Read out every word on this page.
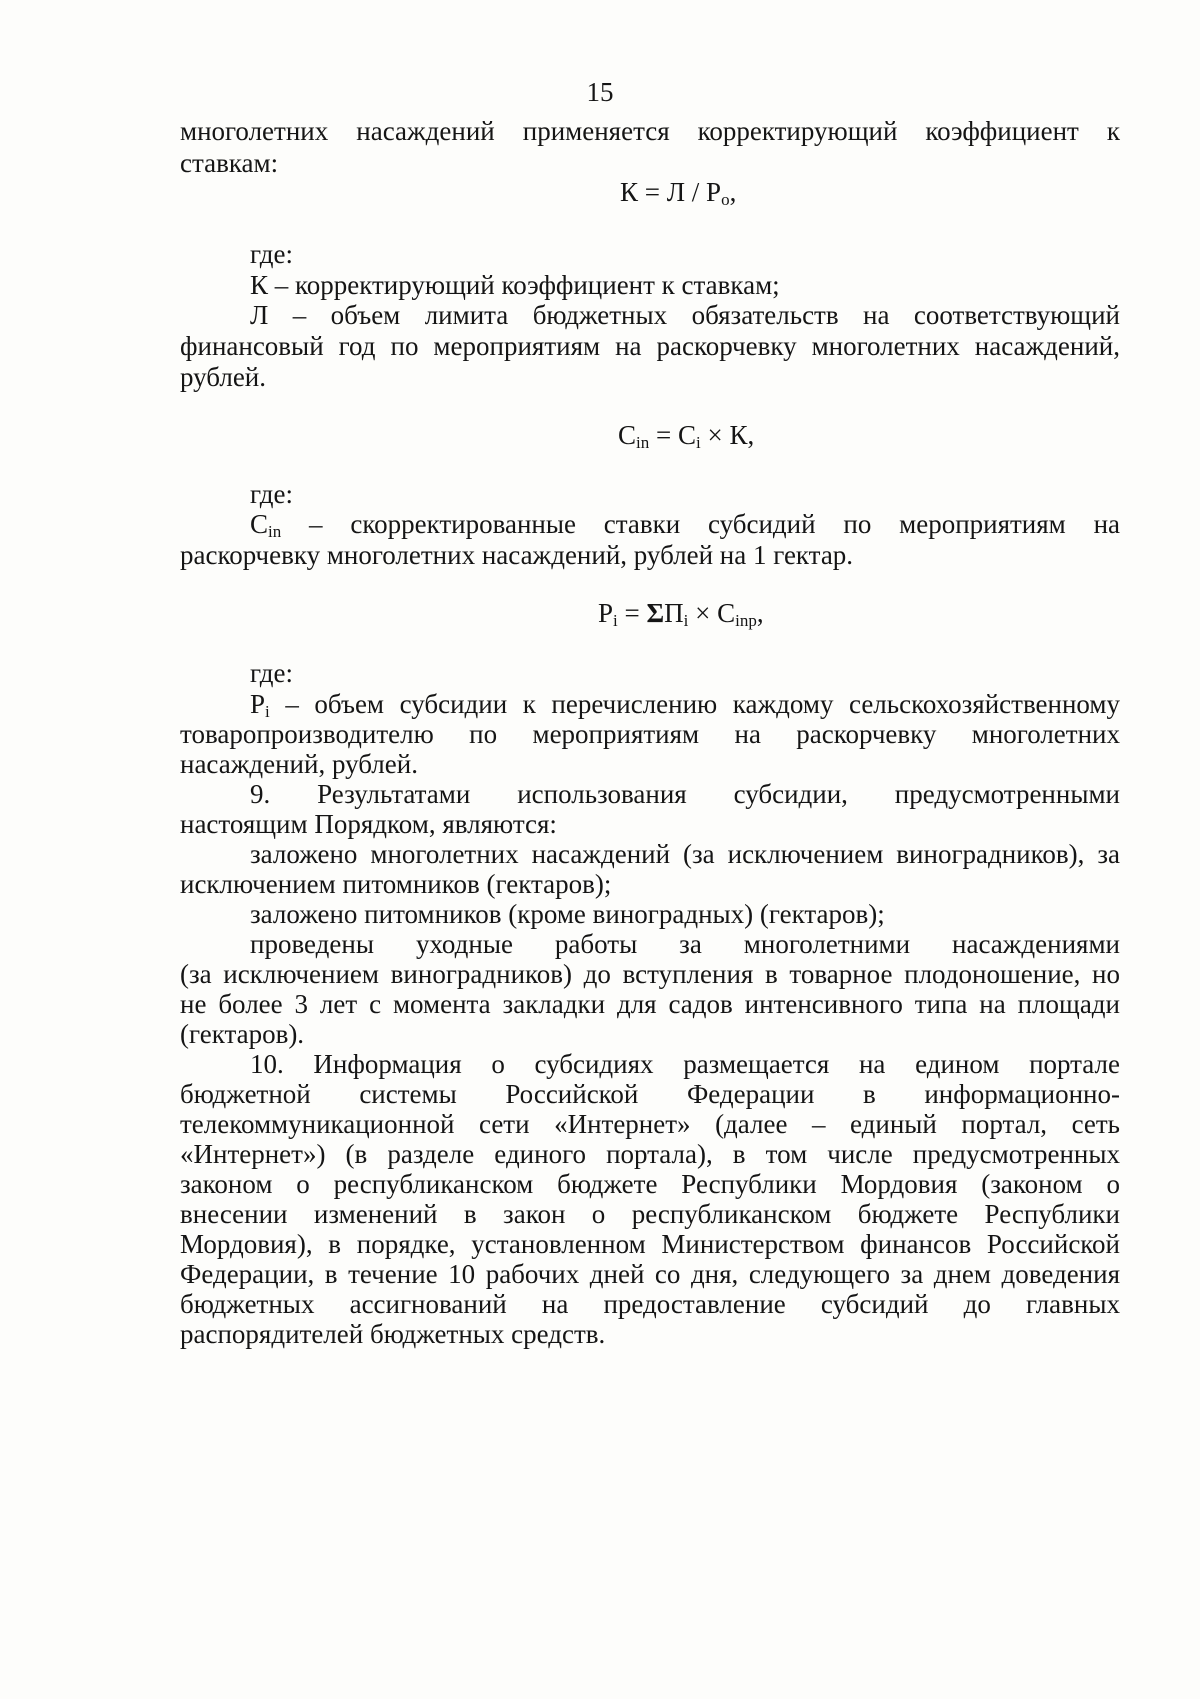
15
многолетних насаждений применяется корректирующий коэффициент к
ставкам:
$К = Л / Р_о$,
где:
К – корректирующий коэффициент к ставкам;
Л – объем лимита бюджетных обязательств на соответствующий
финансовый год по мероприятиям на раскорчевку многолетних насаждений,
рублей.
$С_{in} = С_i \times К$,
где:
$С_{in}$ – скорректированные ставки субсидий по мероприятиям на
раскорчевку многолетних насаждений, рублей на 1 гектар.
$Р_i = \Sigma П_i \times С_{inр}$,
где:
$Р_i$ – объем субсидии к перечислению каждому сельскохозяйственному
товаропроизводителю по мероприятиям на раскорчевку многолетних
насаждений, рублей.
9. Результатами использования субсидии, предусмотренными
настоящим Порядком, являются:
заложено многолетних насаждений (за исключением виноградников), за
исключением питомников (гектаров);
заложено питомников (кроме виноградных) (гектаров);
проведены уходные работы за многолетними насаждениями
(за исключением виноградников) до вступления в товарное плодоношение, но
не более 3 лет с момента закладки для садов интенсивного типа на площади
(гектаров).
10. Информация о субсидиях размещается на едином портале
бюджетной системы Российской Федерации в информационно-
телекоммуникационной сети «Интернет» (далее – единый портал, сеть
«Интернет») (в разделе единого портала), в том числе предусмотренных
законом о республиканском бюджете Республики Мордовия (законом о
внесении изменений в закон о республиканском бюджете Республики
Мордовия), в порядке, установленном Министерством финансов Российской
Федерации, в течение 10 рабочих дней со дня, следующего за днем доведения
бюджетных ассигнований на предоставление субсидий до главных
распорядителей бюджетных средств.
